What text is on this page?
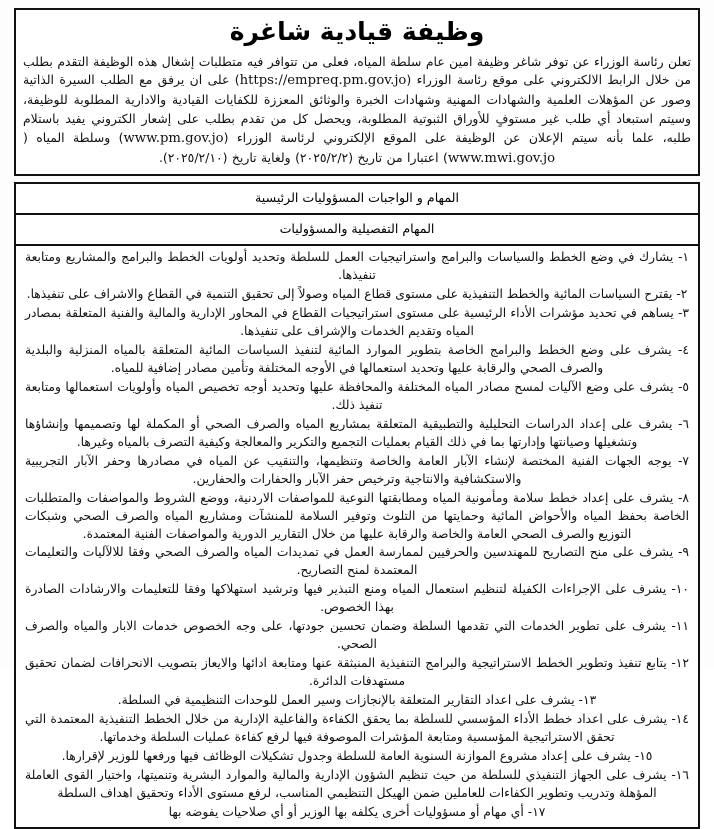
وظيفة قيادية شاغرة

تعلن رئاسة الوزراء عن توفر شاغر وظيفة امين عام سلطة المياه، فعلى من تتوافر فيه متطلبات إشغال هذه الوظيفة التقدم بطلب من خلال الرابط الالكتروني على موقع رئاسة الوزراء (https://empreq.pm.gov.jo) على ان يرفق مع الطلب السيرة الذاتية وصور عن المؤهلات العلمية والشهادات المهنية وشهادات الخبرة والوثائق المعززة للكفايات القيادية والادارية المطلوبة للوظيفة، وسيتم استبعاد أي طلب غير مستوفٍ للأوراق الثبوتية المطلوبة، ويحصل كل من تقدم بطلب على إشعار الكتروني يفيد باستلام طلبه، علما بأنه سيتم الإعلان عن الوظيفة على الموقع الإلكتروني لرئاسة الوزراء (www.pm.gov.jo) وسلطة المياه (www.mwi.gov.jo) اعتبارا من تاريخ (٢٠٢٥/٢/٢) ولغاية تاريخ (٢٠٢٥/٢/١٠).

المهام و الواجبات المسؤوليات الرئيسية
المهام التفصيلية والمسؤوليات
١- يشارك في وضع الخطط والسياسات والبرامج واستراتيجيات العمل للسلطة وتحديد أولويات الخطط والبرامج والمشاريع ومتابعة تنفيذها.
٢- يقترح السياسات المائية والخطط التنفيذية على مستوى قطاع المياه وصولاً إلى تحقيق التنمية في القطاع والاشراف على تنفيذها.
٣- يساهم في تحديد مؤشرات الأداء الرئيسية على مستوى استراتيجيات القطاع في المحاور الإدارية والمالية والفنية المتعلقة بمصادر المياه وتقديم الخدمات والإشراف على تنفيذها.
٤- يشرف على وضع الخطط والبرامج الخاصة بتطوير الموارد المائية لتنفيذ السياسات المائية المتعلقة بالمياه المنزلية والبلدية والصرف الصحي والرقابة عليها وتحديد استعمالها في الأوجه المختلفة وتأمين مصادر إضافية للمياه.
٥- يشرف على وضع الآليات لمسح مصادر المياه المختلفة والمحافظة عليها وتحديد أوجه تخصيص المياه وأولويات استعمالها ومتابعة تنفيذ ذلك.
٦- يشرف على إعداد الدراسات التحليلية والتطبيقية المتعلقة بمشاريع المياه والصرف الصحي أو المكملة لها وتصميمها وإنشاؤها وتشغيلها وصيانتها وإدارتها بما في ذلك القيام بعمليات التجميع والتكرير والمعالجة وكيفية التصرف بالمياه وغيرها.
٧- يوجه الجهات الفنية المختصة لإنشاء الآبار العامة والخاصة وتنظيمها، والتنقيب عن المياه في مصادرها وحفر الآبار التجريبية والاستكشافية والانتاجية وترخيص حفر الآبار والحفارات والحفارين.
٨- يشرف على إعداد خطط سلامة ومأمونية المياه ومطابقتها النوعية للمواصفات الاردنية، ووضع الشروط والمواصفات والمتطلبات الخاصة بحفظ المياه والأحواض المائية وحمايتها من التلوث وتوفير السلامة للمنشآت ومشاريع المياه والصرف الصحي وشبكات التوزيع والصرف الصحي العامة والخاصة والرقابة عليها من خلال التقارير الدورية والمواصفات الفنية المعتمدة.
٩- يشرف على منح التصاريح للمهندسين والحرفيين لممارسة العمل في تمديدات المياه والصرف الصحي وفقا للالآليات والتعليمات المعتمدة لمنح التصاريح.
١٠- يشرف على الإجراءات الكفيلة لتنظيم استعمال المياه ومنع التبذير فيها وترشيد استهلاكها وفقا للتعليمات والارشادات الصادرة بهذا الخصوص.
١١- يشرف على تطوير الخدمات التي تقدمها السلطة وضمان تحسين جودتها، على وجه الخصوص خدمات الابار والمياه والصرف الصحي.
١٢- يتابع تنفيذ وتطوير الخطط الاستراتيجية والبرامج التنفيذية المنبثقة عنها ومتابعة ادائها والايعاز بتصويب الانحرافات لضمان تحقيق مستهدفات الدائرة.
١٣- يشرف على اعداد التقارير المتعلقة بالإنجازات وسير العمل للوحدات التنظيمية في السلطة.
١٤- يشرف على اعداد خطط الأداء المؤسسي للسلطة بما يحقق الكفاءة والفاعلية الإدارية من خلال الخطط التنفيذية المعتمدة التي تحقق الاستراتيجية المؤسسية ومتابعة المؤشرات الموصوفة فيها لرفع كفاءة عمليات السلطة وخدماتها.
١٥- يشرف على إعداد مشروع الموازنة السنوية العامة للسلطة وجدول تشكيلات الوظائف فيها ورفعها للوزير لإقرارها.
١٦- يشرف على الجهاز التنفيذي للسلطة من حيث تنظيم الشؤون الإدارية والمالية والموارد البشرية وتنميتها، واختيار القوى العاملة المؤهلة وتدريب وتطوير الكفاءات للعاملين ضمن الهيكل التنظيمي المناسب، لرفع مستوى الأداء وتحقيق اهداف السلطة
١٧- أي مهام أو مسؤوليات أخرى يكلفه بها الوزير أو أي صلاحيات يفوضه بها
